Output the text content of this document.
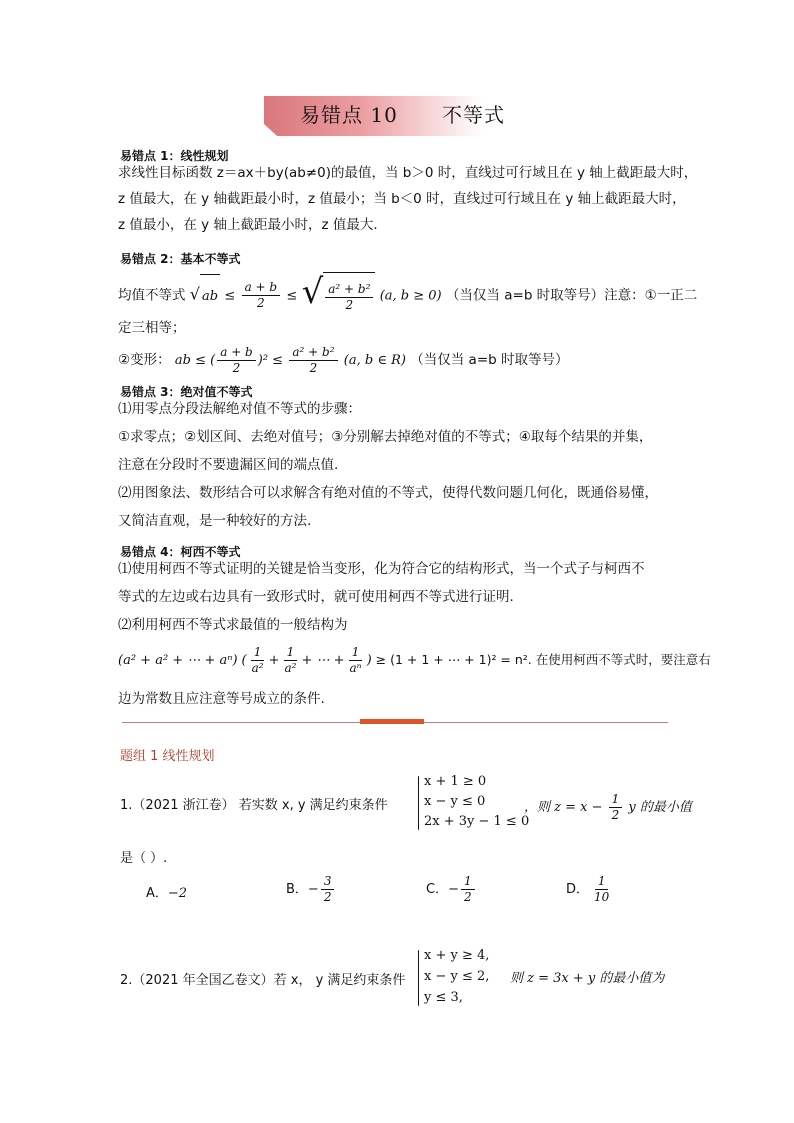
易错点 10      不等式
易错点 1：线性规划
求线性目标函数 z＝ax＋by(ab≠0)的最值，当 b＞0 时，直线过可行域且在 y 轴上截距最大时，
z 值最大，在 y 轴截距最小时，z 值最小；当 b＜0 时，直线过可行域且在 y 轴上截距最大时，
z 值最小，在 y 轴上截距最小时，z 值最大.
易错点 2：基本不等式
均值不等式 √ ab ≤ $\frac{a + b}{2}$ ≤ √ $\frac{\text{a² + b²}}{2} (a$, b ≥ 0) （当仅当 a=b 时取等号）注意：①一正二
定三相等；
②变形： ab ≤ ( $\frac{a + b}{2} )^2 \le \frac{\text{a² + b²}}{2} (a$, b ∈ R) （当仅当 a=b 时取等号）
易错点 3：绝对值不等式
⑴用零点分段法解绝对值不等式的步骤：
①求零点；②划区间、去绝对值号；③分别解去掉绝对值的不等式；④取每个结果的并集，
注意在分段时不要遗漏区间的端点值.
⑵用图象法、数形结合可以求解含有绝对值的不等式，使得代数问题几何化，既通俗易懂，
又简洁直观，是一种较好的方法.
易错点 4：柯西不等式
⑴使用柯西不等式证明的关键是恰当变形，化为符合它的结构形式，当一个式子与柯西不
等式的左边或右边具有一致形式时，就可使用柯西不等式进行证明.
⑵利用柯西不等式求最值的一般结构为
(a² + a² + ⋯ + aⁿ) ( $\frac{1}{\text{a²}} + \frac{1}{\text{a²}}$ + ⋯ + $\frac{1}{\text{aⁿ}}$ ) ≥ (1 + 1 + ⋯ + 1)² = n². 在使用柯西不等式时，要注意右
边为常数且应注意等号成立的条件.
题组 1 线性规划
1.（2021 浙江卷） 若实数 x, y 满足约束条件
x + 1 ≥ 0
x − y ≤ 0
2x + 3y − 1 ≤ 0
，则 $z = x - \frac{1}{2}$ y 的最小值
是（ ）.
A．−2	B．− $\frac{3}{2}$	C．− $\frac{1}{2}$	D． $\frac{1}{10}$
2.（2021 年全国乙卷文）若 x， y 满足约束条件
x + y ≥ 4,
x − y ≤ 2,
y ≤ 3,
则 z = 3x + y 的最小值为
